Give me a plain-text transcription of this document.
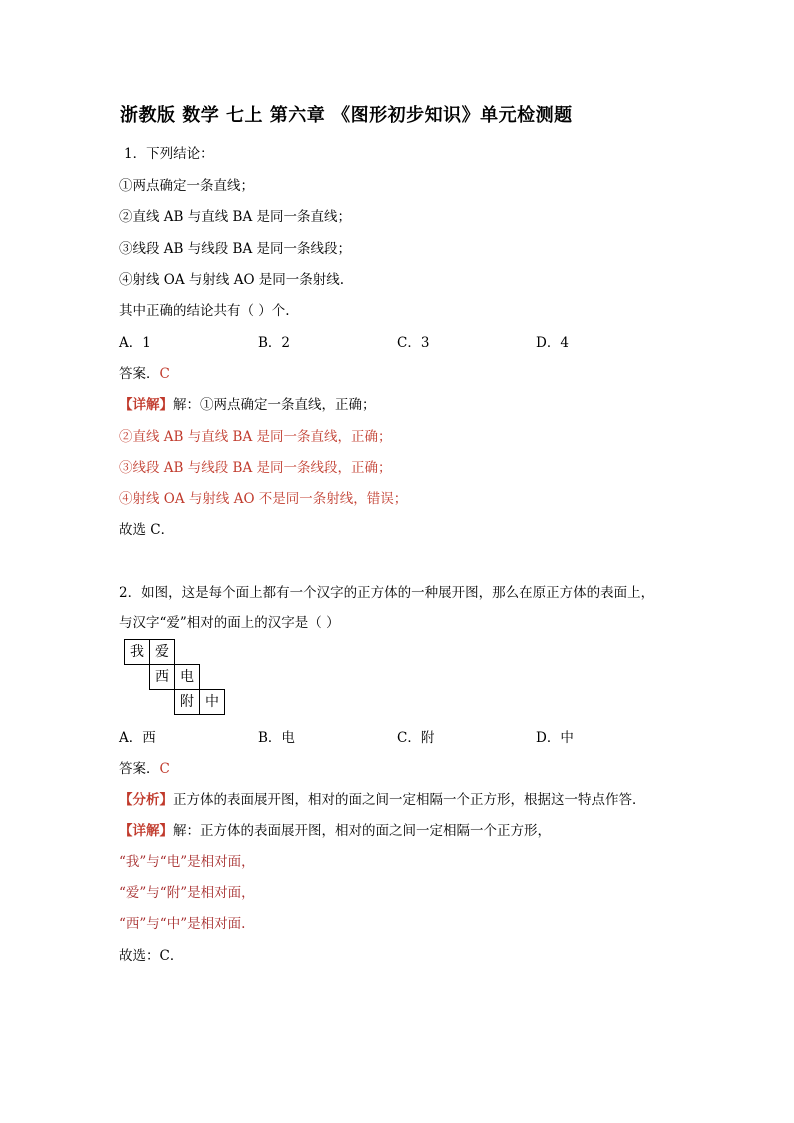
浙教版 数学 七上 第六章 《图形初步知识》单元检测题
1．下列结论：
①两点确定一条直线；
②直线 AB 与直线 BA 是同一条直线；
③线段 AB 与线段 BA 是同一条线段；
④射线 OA 与射线 AO 是同一条射线.
其中正确的结论共有（ ）个.
A．1	B．2	C．3	D．4
答案．C
【详解】解：①两点确定一条直线，正确；
②直线 AB 与直线 BA 是同一条直线，正确；
③线段 AB 与线段 BA 是同一条线段，正确；
④射线 OA 与射线 AO 不是同一条射线，错误；
故选 C．
2．如图，这是每个面上都有一个汉字的正方体的一种展开图，那么在原正方体的表面上，
与汉字“爱”相对的面上的汉字是（ ）
我 爱
西 电
附 中
A．西	B．电	C．附	D．中
答案．C
【分析】正方体的表面展开图，相对的面之间一定相隔一个正方形，根据这一特点作答．
【详解】解：正方体的表面展开图，相对的面之间一定相隔一个正方形，
“我”与“电”是相对面，
“爱”与“附”是相对面，
“西”与“中”是相对面.
故选：C．
